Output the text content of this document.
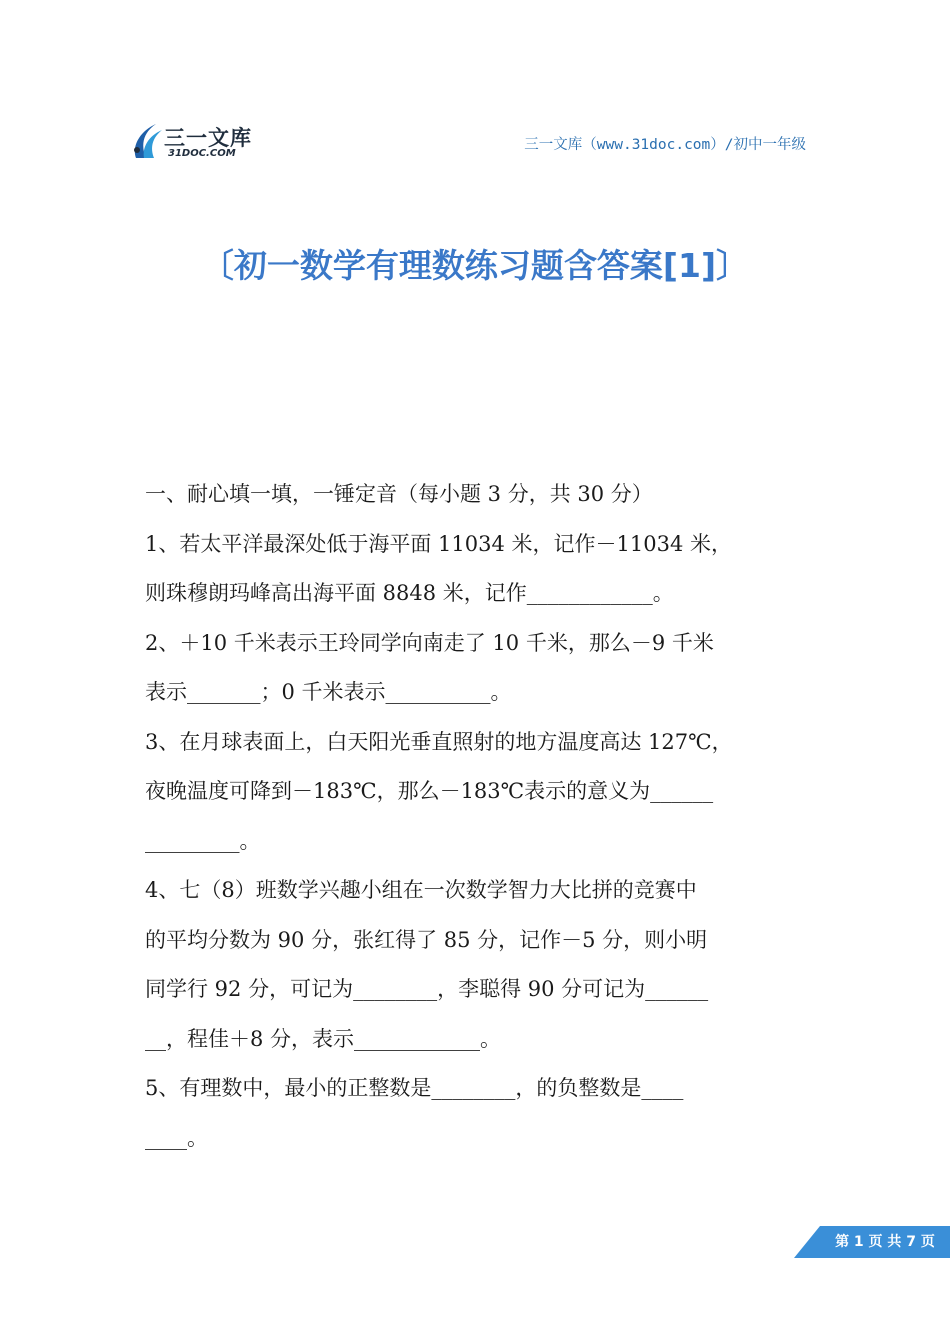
三一文库
31DOC.COM
三一文库（www.31doc.com）/初中一年级
〔初一数学有理数练习题含答案[1]〕
一、耐心填一填，一锤定音（每小题 3 分，共 30 分）
1、若太平洋最深处低于海平面 11034 米，记作－11034 米，
则珠穆朗玛峰高出海平面 8848 米，记作____________。
2、＋10 千米表示王玲同学向南走了 10 千米，那么－9 千米
表示_______；0 千米表示__________。
3、在月球表面上，白天阳光垂直照射的地方温度高达 127℃，
夜晚温度可降到－183℃，那么－183℃表示的意义为______
_________。
4、七（8）班数学兴趣小组在一次数学智力大比拼的竞赛中
的平均分数为 90 分，张红得了 85 分，记作－5 分，则小明
同学行 92 分，可记为________，李聪得 90 分可记为______
__，程佳＋8 分，表示____________。
5、有理数中，最小的正整数是________，的负整数是____
____。
第 1 页 共 7 页
